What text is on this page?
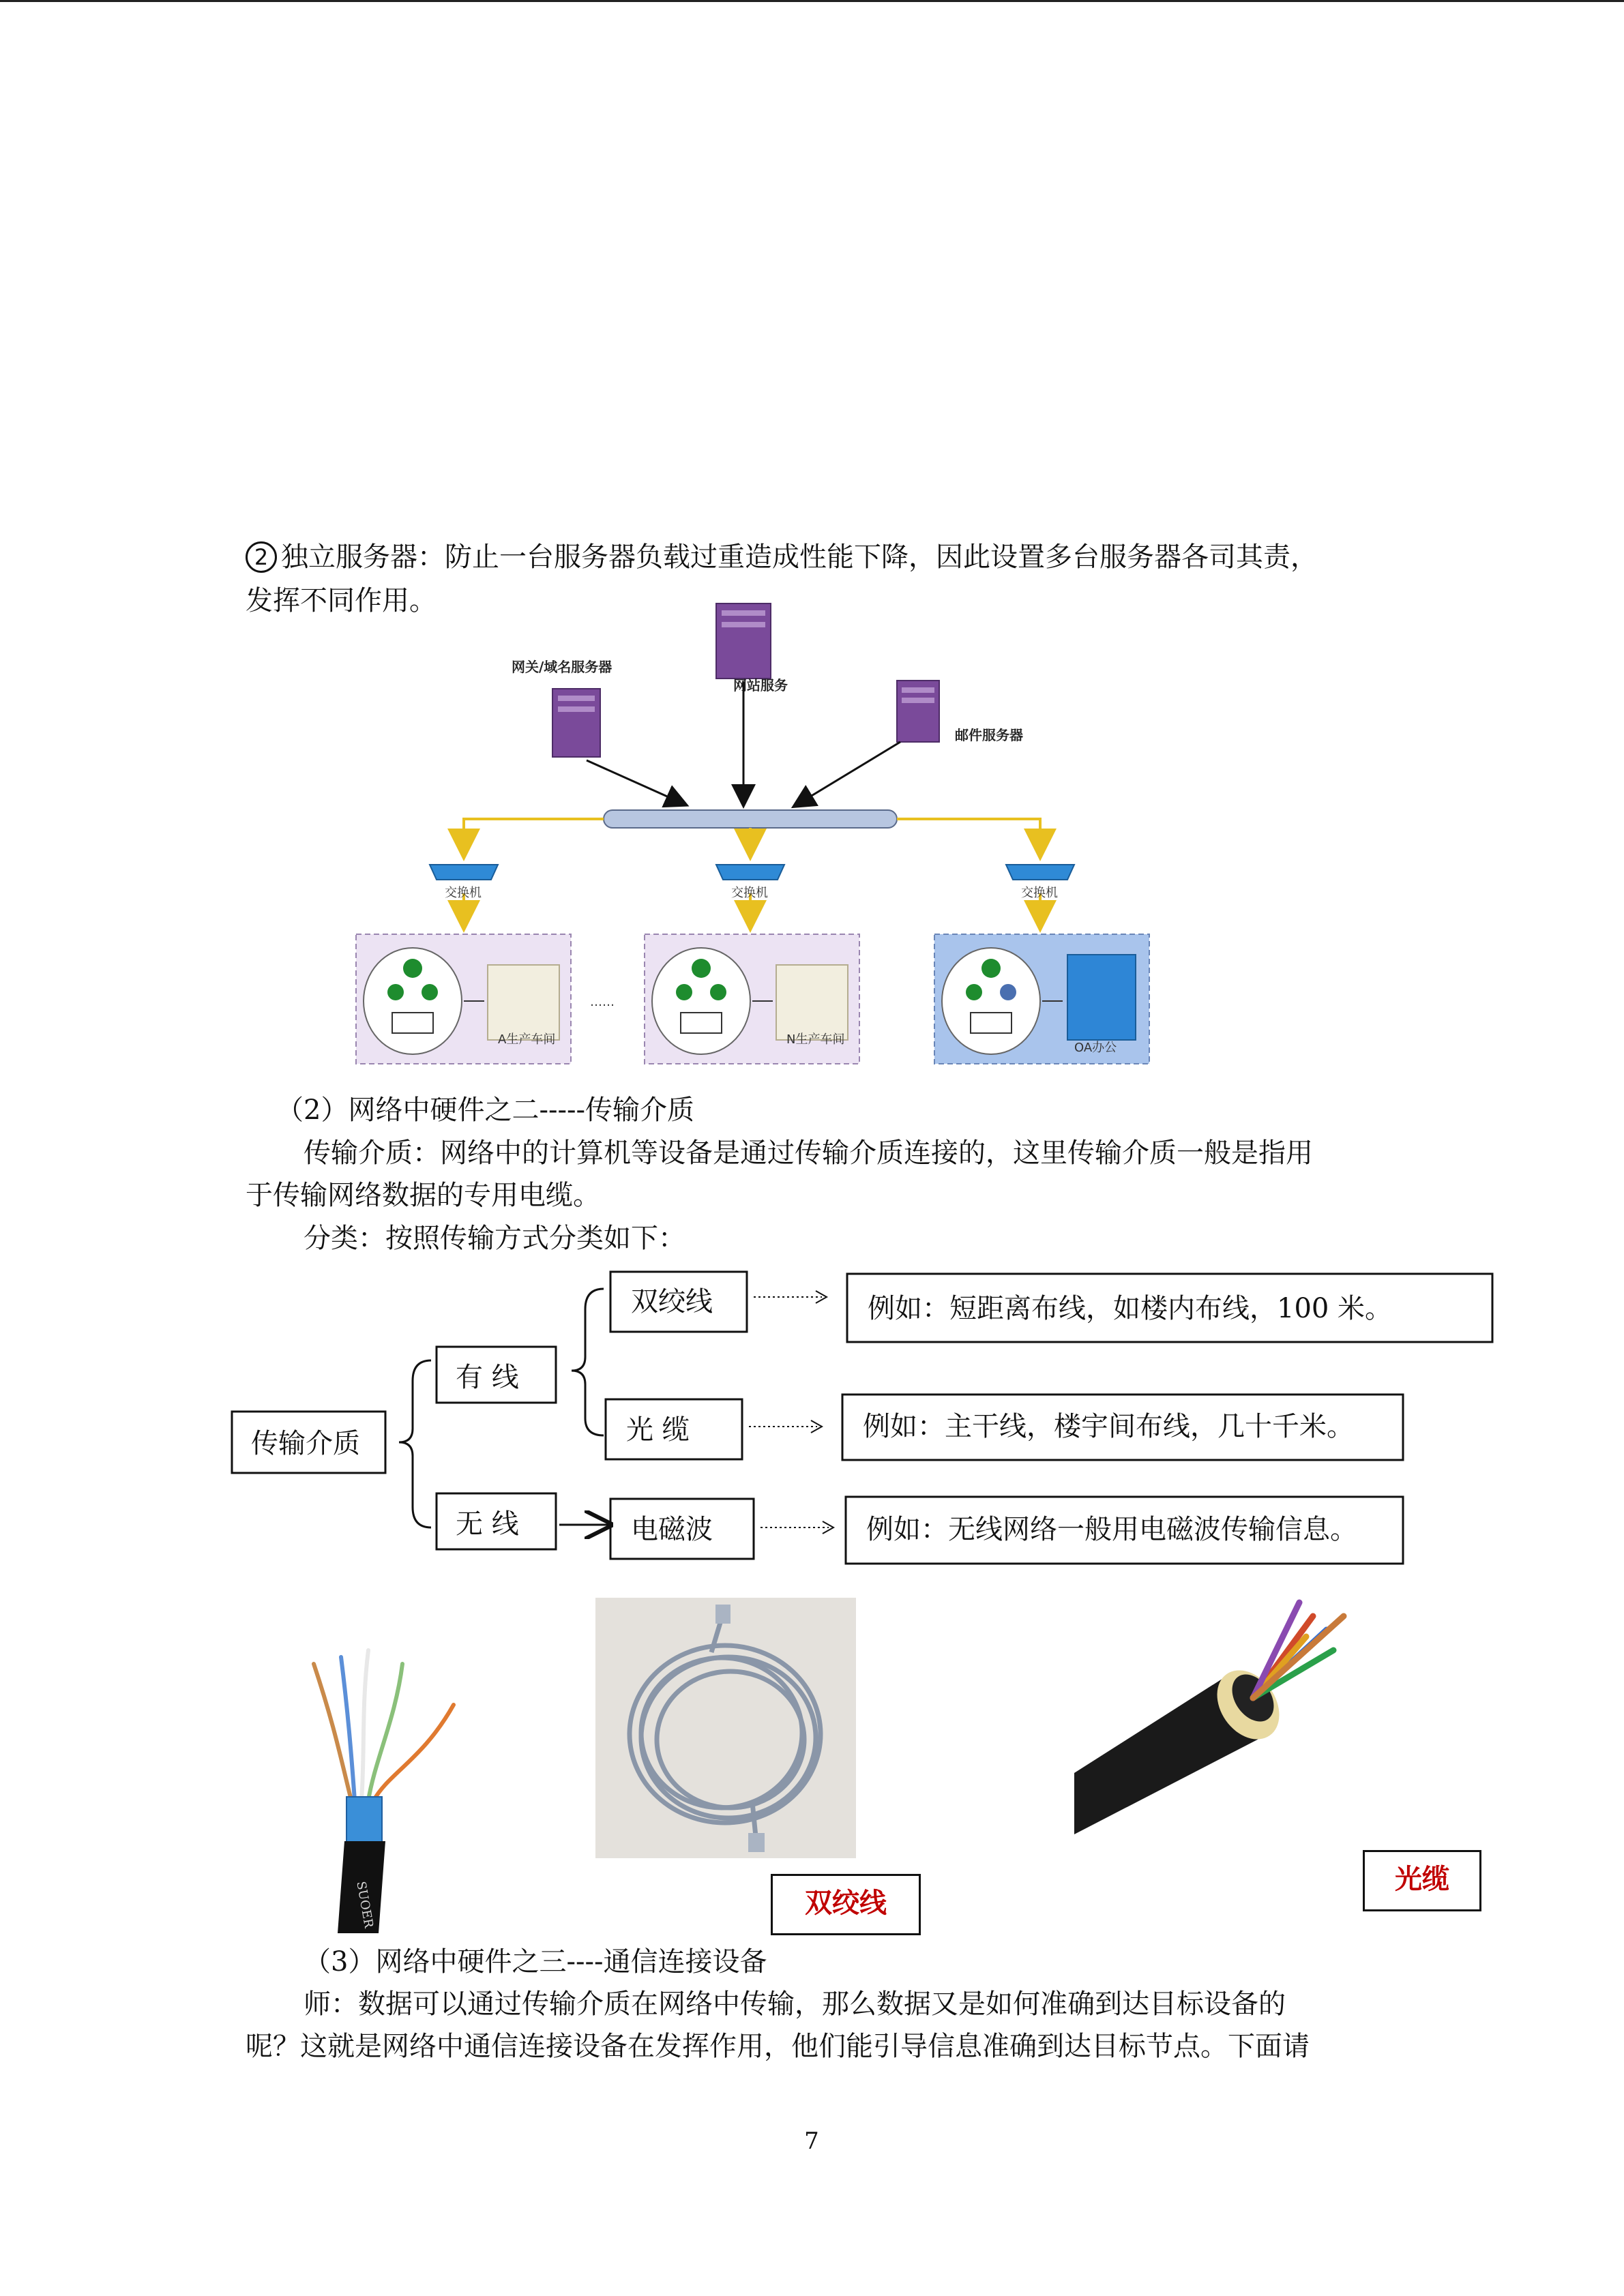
2 独立服务器：防止一台服务器负载过重造成性能下降，因此设置多台服务器各司其责，
发挥不同作用。
网关/域名服务器
网站服务
邮件服务器
交换机	交换机	交换机
A生产车间
……
N生产车间
OA办公
（2）网络中硬件之二-----传输介质
传输介质：网络中的计算机等设备是通过传输介质连接的，这里传输介质一般是指用
于传输网络数据的专用电缆。
分类：按照传输方式分类如下：
传输介质
有 线
无 线
双绞线
光 缆
电磁波
例如：短距离布线，如楼内布线，100 米。
例如：主干线，楼宇间布线，几十千米。
例如：无线网络一般用电磁波传输信息。
SUOER	双绞线
光缆
（3）网络中硬件之三----通信连接设备
师：数据可以通过传输介质在网络中传输，那么数据又是如何准确到达目标设备的
呢？这就是网络中通信连接设备在发挥作用，他们能引导信息准确到达目标节点。下面请
7
